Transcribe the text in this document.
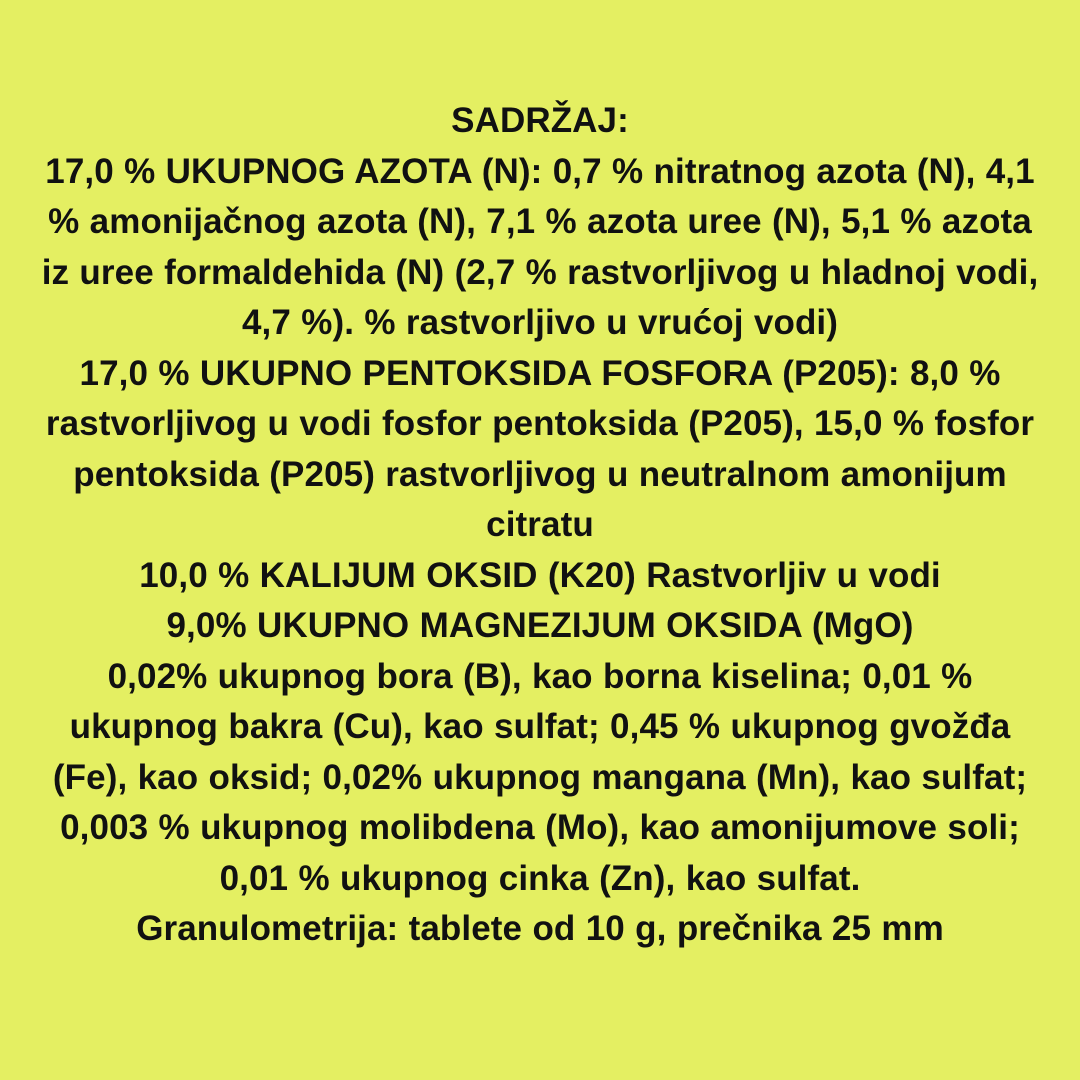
SADRŽAJ:
17,0 % UKUPNOG AZOTA (N): 0,7 % nitratnog azota (N), 4,1 % amonijačnog azota (N), 7,1 % azota uree (N), 5,1 % azota iz uree formaldehida (N) (2,7 % rastvorljivog u hladnoj vodi, 4,7 %). % rastvorljivo u vrućoj vodi)
17,0 % UKUPNO PENTOKSIDA FOSFORA (P205): 8,0 % rastvorljivog u vodi fosfor pentoksida (P205), 15,0 % fosfor pentoksida (P205) rastvorljivog u neutralnom amonijum citratu
10,0 % KALIJUM OKSID (K20) Rastvorljiv u vodi
9,0% UKUPNO MAGNEZIJUM OKSIDA (MgO)
0,02% ukupnog bora (B), kao borna kiselina; 0,01 % ukupnog bakra (Cu), kao sulfat; 0,45 % ukupnog gvožđa (Fe), kao oksid; 0,02% ukupnog mangana (Mn), kao sulfat; 0,003 % ukupnog molibdena (Mo), kao amonijumove soli; 0,01 % ukupnog cinka (Zn), kao sulfat.
Granulometrija: tablete od 10 g, prečnika 25 mm
